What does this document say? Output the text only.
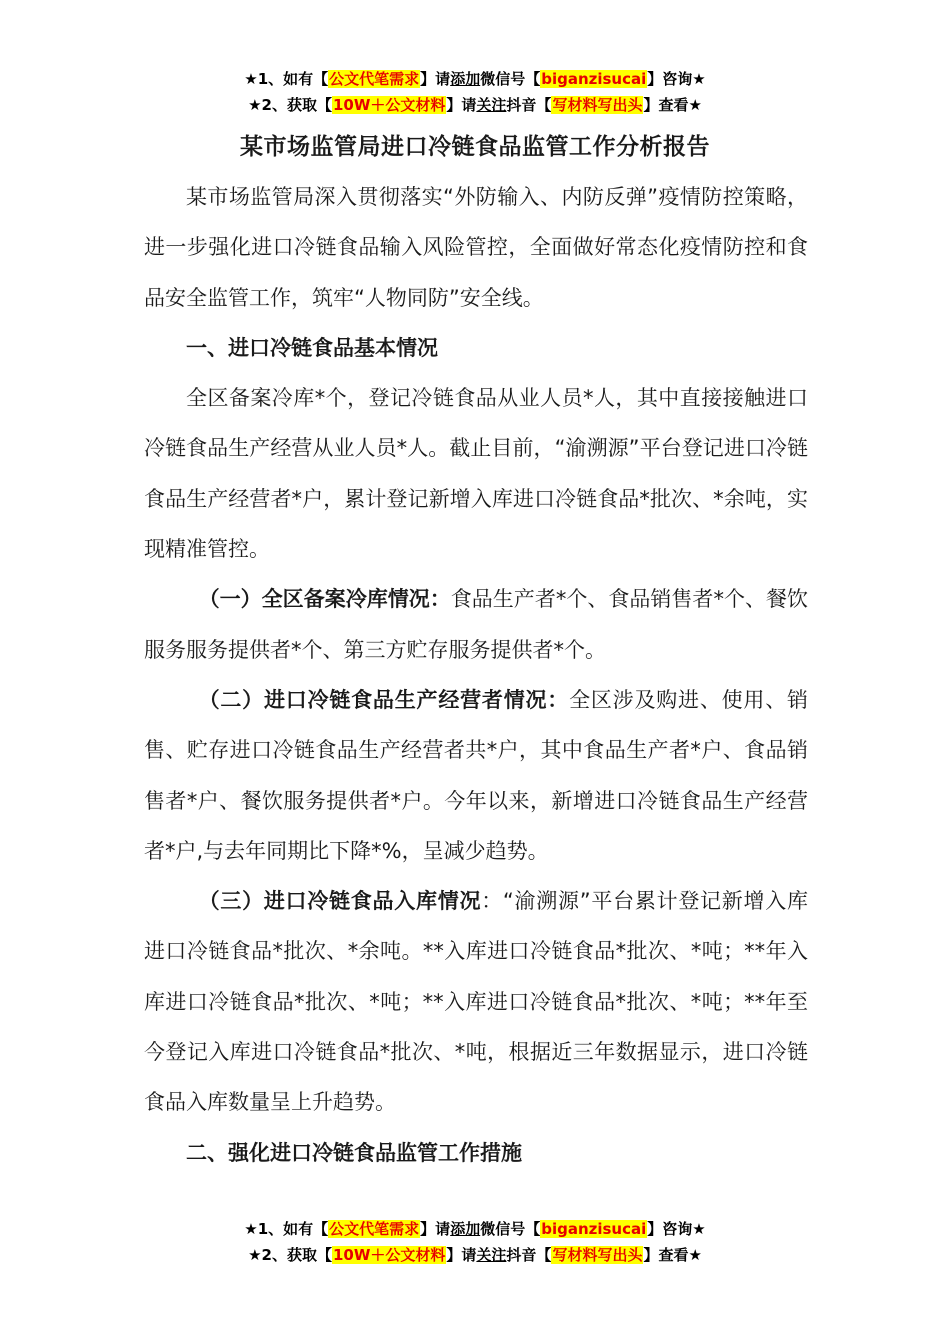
★1、如有【公文代笔需求】请添加微信号【biganzisucai】咨询★
★2、获取【10W＋公文材料】请关注抖音【写材料写出头】查看★
某市场监管局进口冷链食品监管工作分析报告

某市场监管局深入贯彻落实“外防输入、内防反弹”疫情防控策略，进一步强化进口冷链食品输入风险管控，全面做好常态化疫情防控和食品安全监管工作，筑牢“人物同防”安全线。

一、进口冷链食品基本情况

全区备案冷库*个，登记冷链食品从业人员*人，其中直接接触进口冷链食品生产经营从业人员*人。截止目前，“渝溯源”平台登记进口冷链食品生产经营者*户，累计登记新增入库进口冷链食品*批次、*余吨，实现精准管控。

（一）全区备案冷库情况：食品生产者*个、食品销售者*个、餐饮服务服务提供者*个、第三方贮存服务提供者*个。

（二）进口冷链食品生产经营者情况：全区涉及购进、使用、销售、贮存进口冷链食品生产经营者共*户，其中食品生产者*户、食品销售者*户、餐饮服务提供者*户。今年以来，新增进口冷链食品生产经营者*户,与去年同期比下降*%，呈减少趋势。

（三）进口冷链食品入库情况：“渝溯源”平台累计登记新增入库进口冷链食品*批次、*余吨。**入库进口冷链食品*批次、*吨；**年入库进口冷链食品*批次、*吨；**入库进口冷链食品*批次、*吨；**年至今登记入库进口冷链食品*批次、*吨，根据近三年数据显示，进口冷链食品入库数量呈上升趋势。

二、强化进口冷链食品监管工作措施

★1、如有【公文代笔需求】请添加微信号【biganzisucai】咨询★
★2、获取【10W＋公文材料】请关注抖音【写材料写出头】查看★
